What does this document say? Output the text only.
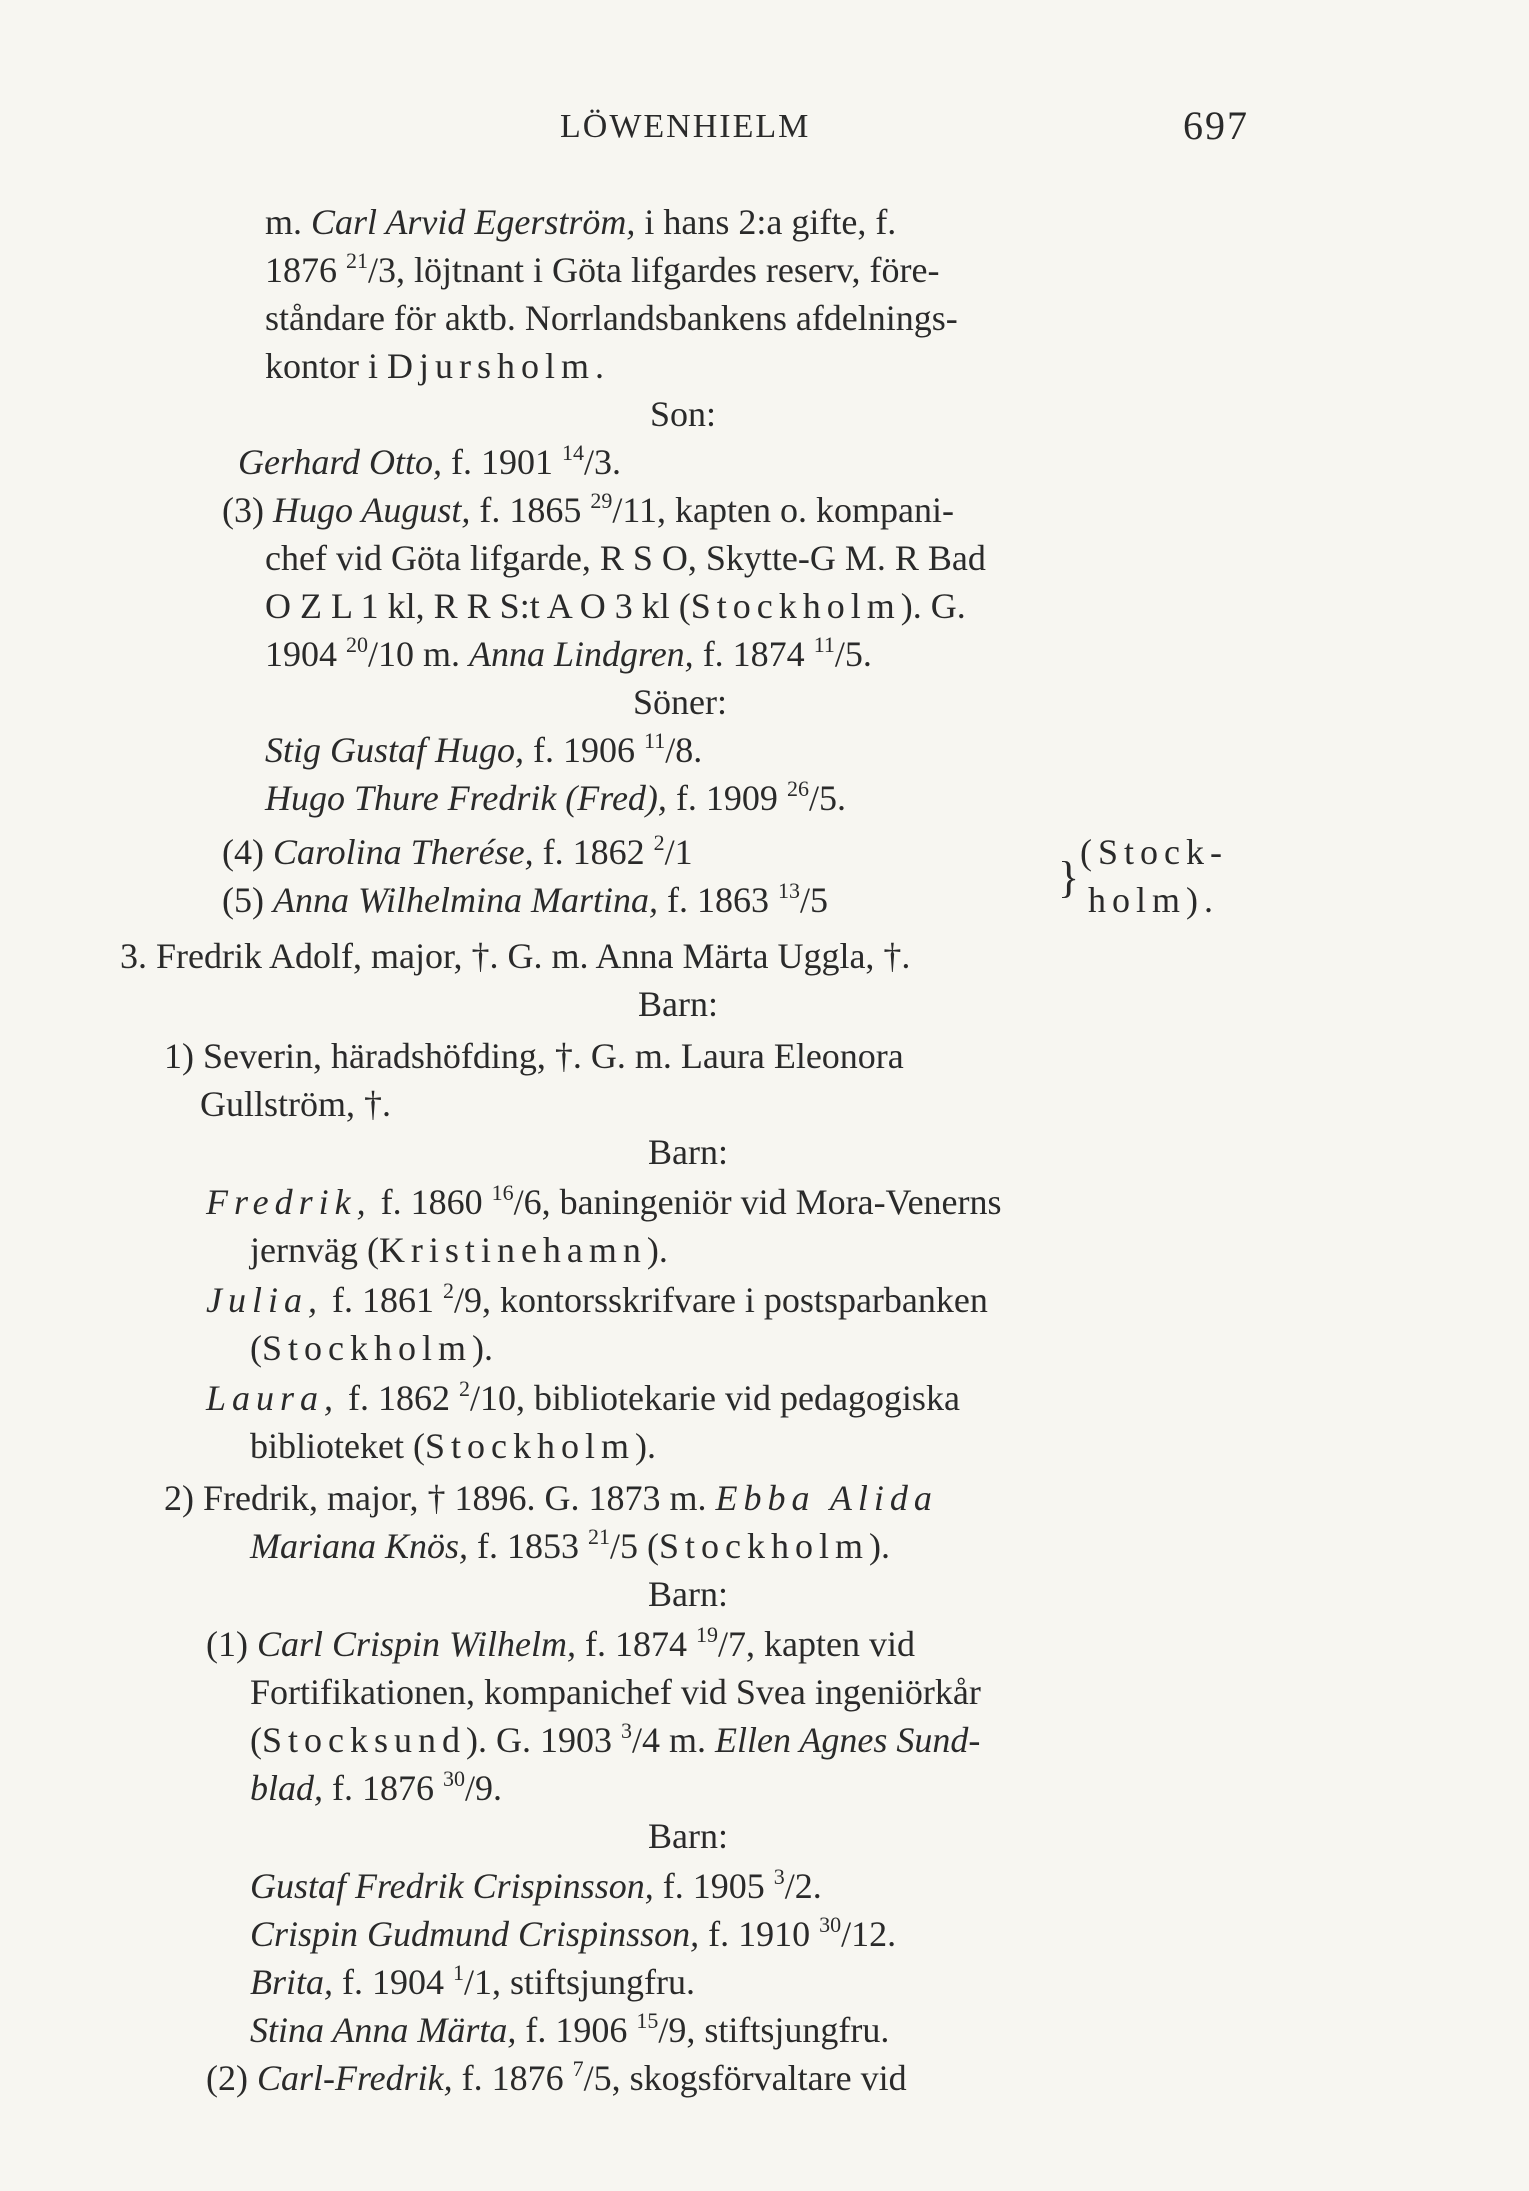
LÖWENHIELM	697
m. Carl Arvid Egerström, i hans 2:a gifte, f.
1876 $^{21}$/3, löjtnant i Göta lifgardes reserv, före-
ståndare för aktb. Norrlandsbankens afdelnings-
kontor i Djursholm.
Son:
Gerhard Otto, f. 1901 $^{14}$/3.
(3) Hugo August, f. 1865 $^{29}$/11, kapten o. kompani-
chef vid Göta lifgarde, R S O, Skytte-G M. R Bad
O Z L 1 kl, R R S:t A O 3 kl (Stockholm). G.
1904 $^{20}$/10 m. Anna Lindgren, f. 1874 $^{11}$/5.
Söner:
Stig Gustaf Hugo, f. 1906 $^{11}$/8.
Hugo Thure Fredrik (Fred), f. 1909 $^{26}$/5.
(4) Carolina Therése, f. 1862 $^2$/1
(5) Anna Wilhelmina Martina, f. 1863 $^{13}$/5	}
(Stock-
holm).
3. Fredrik Adolf, major, †. G. m. Anna Märta Uggla, †.
Barn:
1) Severin, häradshöfding, †. G. m. Laura Eleonora
Gullström, †.
Barn:
Fredrik, f. 1860 $^{16}$/6, baningeniör vid Mora-Venerns
jernväg (Kristinehamn).
Julia, f. 1861 $^2$/9, kontorsskrifvare i postsparbanken
(Stockholm).
Laura, f. 1862 $^2$/10, bibliotekarie vid pedagogiska
biblioteket (Stockholm).
2) Fredrik, major, † 1896. G. 1873 m. Ebba Alida
Mariana Knös, f. 1853 $^{21}$/5 (Stockholm).
Barn:
(1) Carl Crispin Wilhelm, f. 1874 $^{19}$/7, kapten vid
Fortifikationen, kompanichef vid Svea ingeniörkår
(Stocksund). G. 1903 $^3$/4 m. Ellen Agnes Sund-
blad, f. 1876 $^{30}$/9.
Barn:
Gustaf Fredrik Crispinsson, f. 1905 $^3$/2.
Crispin Gudmund Crispinsson, f. 1910 $^{30}$/12.
Brita, f. 1904 $^1$/1, stiftsjungfru.
Stina Anna Märta, f. 1906 $^{15}$/9, stiftsjungfru.
(2) Carl-Fredrik, f. 1876 $^7$/5, skogsförvaltare vid
